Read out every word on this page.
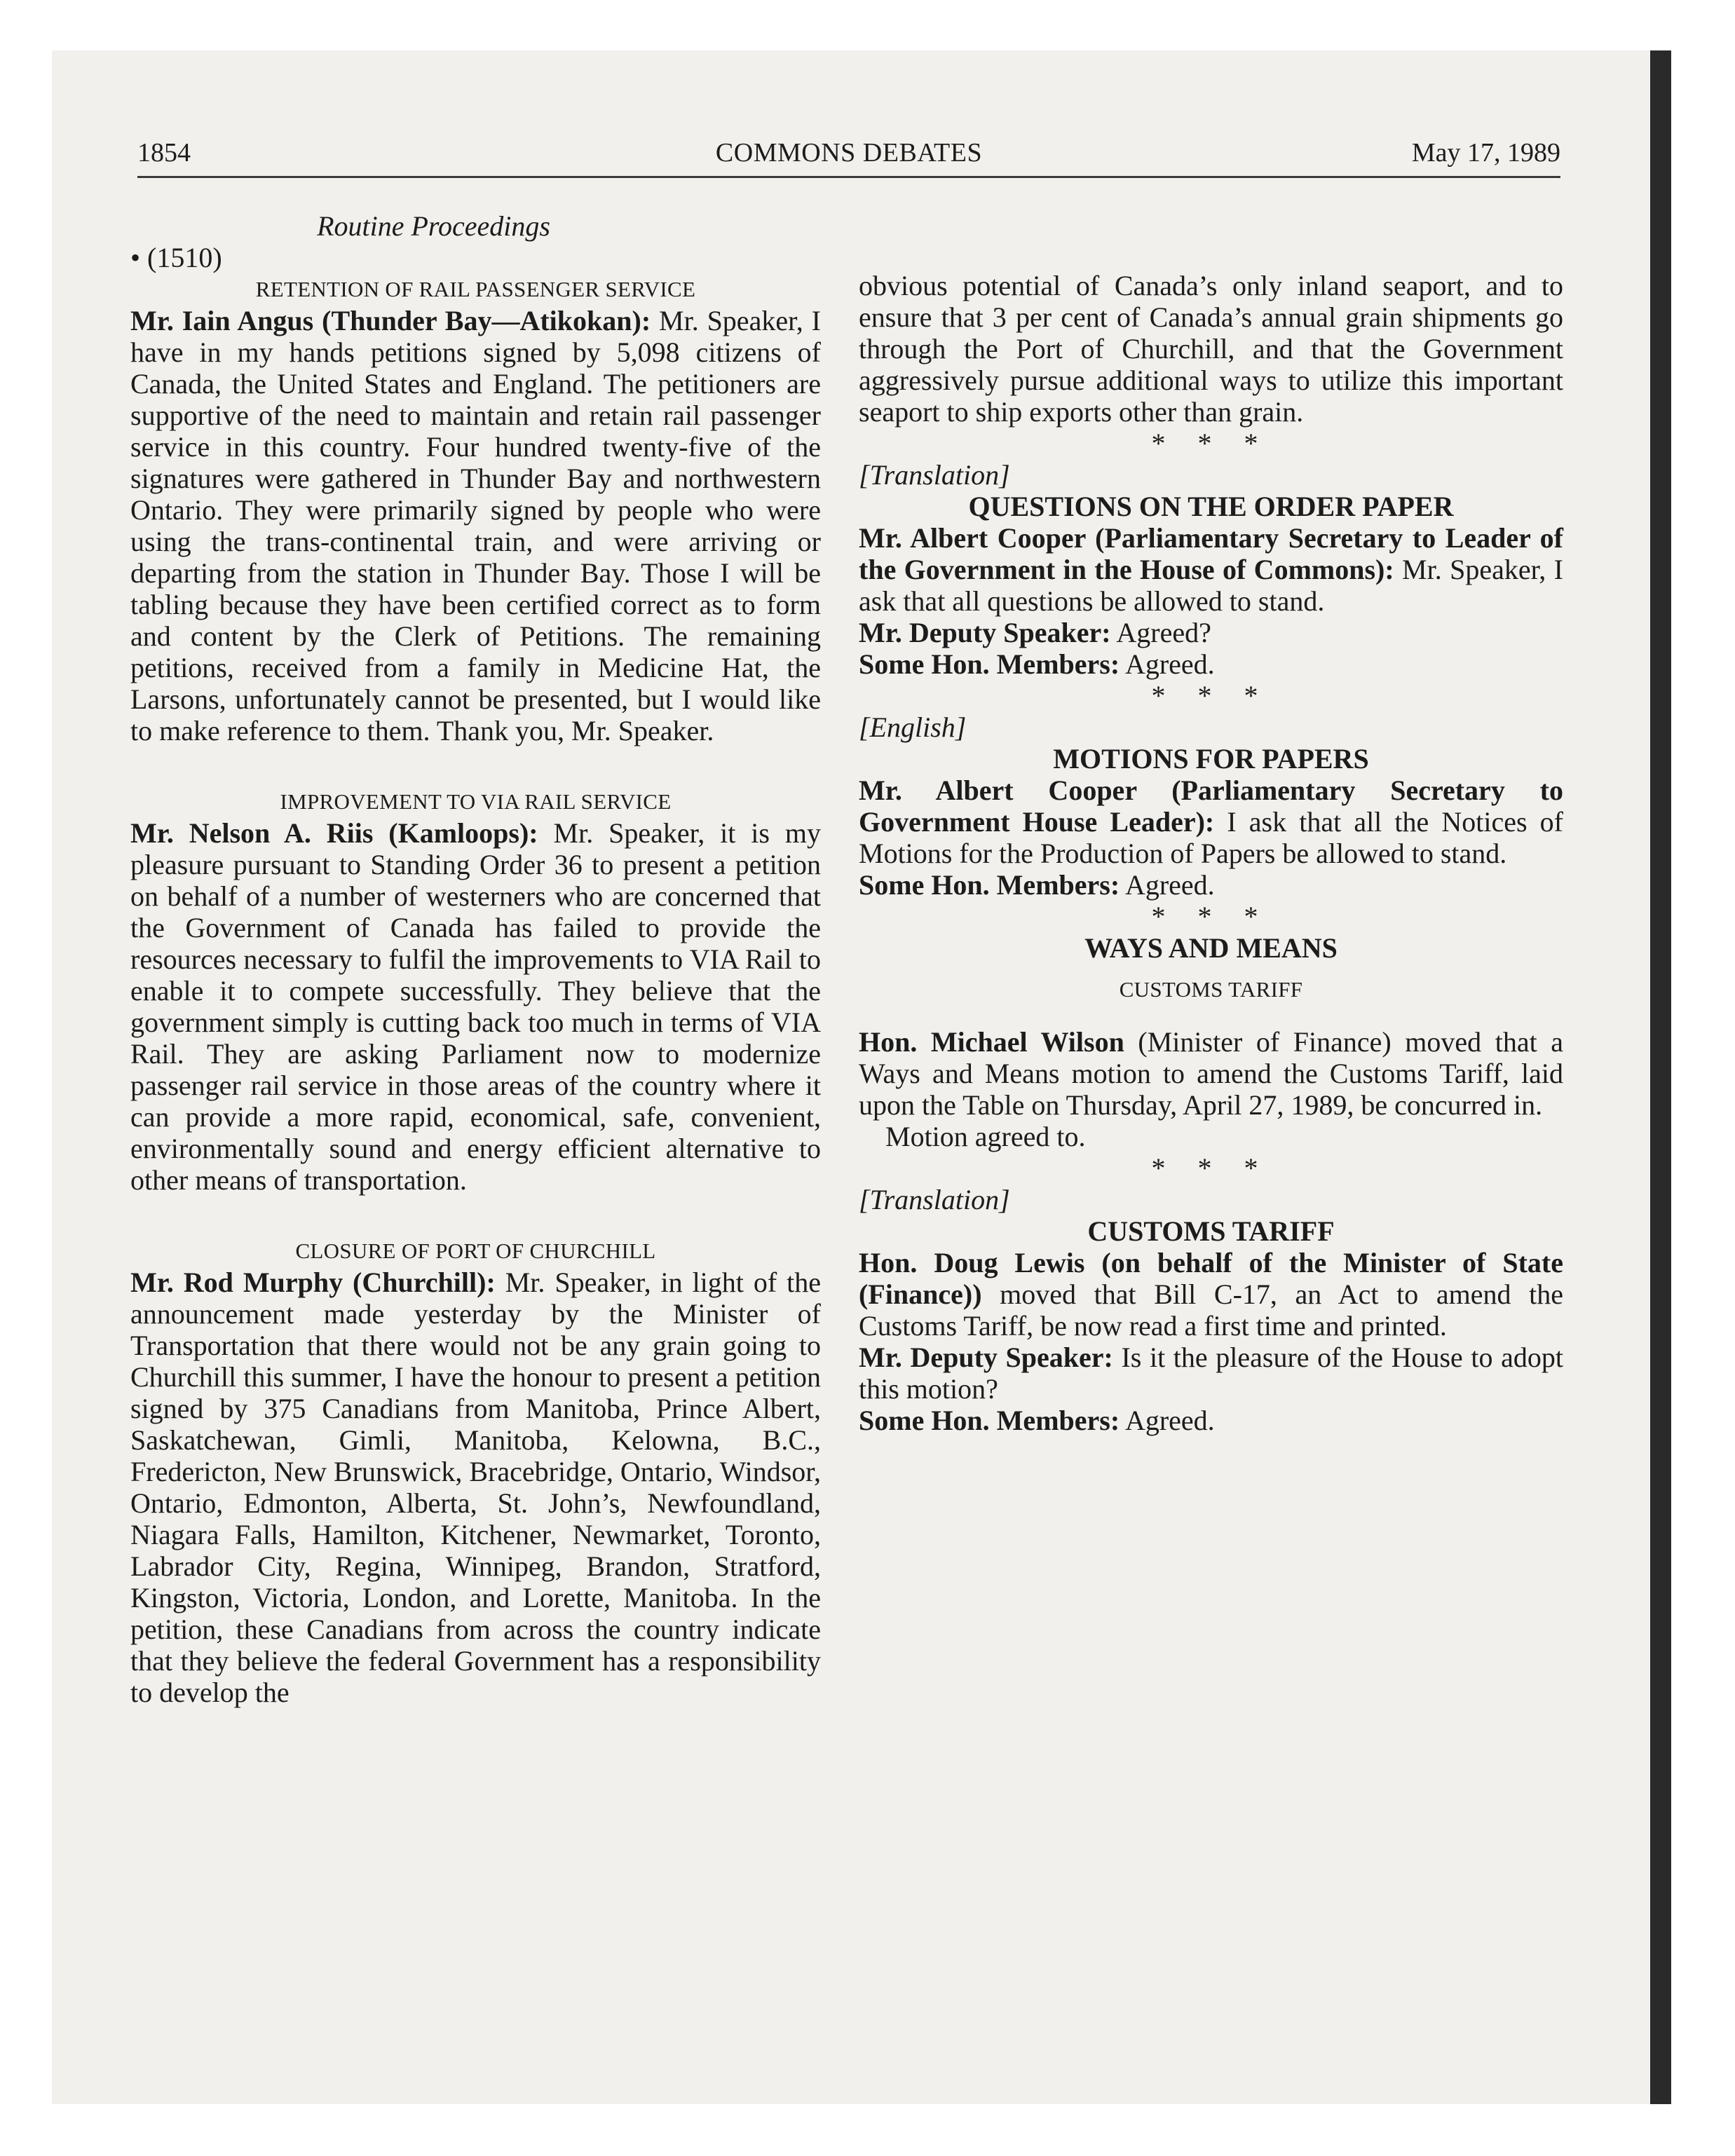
1854	COMMONS DEBATES	May 17, 1989

Routine Proceedings

• (1510)

RETENTION OF RAIL PASSENGER SERVICE

Mr. Iain Angus (Thunder Bay—Atikokan): Mr. Speaker, I have in my hands petitions signed by 5,098 citizens of Canada, the United States and England. The petitioners are supportive of the need to maintain and retain rail passenger service in this country. Four hundred twenty-five of the signatures were gathered in Thunder Bay and northwestern Ontario. They were primarily signed by people who were using the trans-continental train, and were arriving or departing from the station in Thunder Bay. Those I will be tabling because they have been certified correct as to form and content by the Clerk of Petitions. The remaining petitions, received from a family in Medicine Hat, the Larsons, unfortunately cannot be presented, but I would like to make reference to them. Thank you, Mr. Speaker.

IMPROVEMENT TO VIA RAIL SERVICE

Mr. Nelson A. Riis (Kamloops): Mr. Speaker, it is my pleasure pursuant to Standing Order 36 to present a petition on behalf of a number of westerners who are concerned that the Government of Canada has failed to provide the resources necessary to fulfil the improvements to VIA Rail to enable it to compete successfully. They believe that the government simply is cutting back too much in terms of VIA Rail. They are asking Parliament now to modernize passenger rail service in those areas of the country where it can provide a more rapid, economical, safe, convenient, environmentally sound and energy efficient alternative to other means of transportation.

CLOSURE OF PORT OF CHURCHILL

Mr. Rod Murphy (Churchill): Mr. Speaker, in light of the announcement made yesterday by the Minister of Transportation that there would not be any grain going to Churchill this summer, I have the honour to present a petition signed by 375 Canadians from Manitoba, Prince Albert, Saskatchewan, Gimli, Manitoba, Kelowna, B.C., Fredericton, New Brunswick, Bracebridge, Ontario, Windsor, Ontario, Edmonton, Alberta, St. John’s, Newfoundland, Niagara Falls, Hamilton, Kitchener, Newmarket, Toronto, Labrador City, Regina, Winnipeg, Brandon, Stratford, Kingston, Victoria, London, and Lorette, Manitoba. In the petition, these Canadians from across the country indicate that they believe the federal Government has a responsibility to develop the

obvious potential of Canada’s only inland seaport, and to ensure that 3 per cent of Canada’s annual grain shipments go through the Port of Churchill, and that the Government aggressively pursue additional ways to utilize this important seaport to ship exports other than grain.

* * *

[Translation]

QUESTIONS ON THE ORDER PAPER

Mr. Albert Cooper (Parliamentary Secretary to Leader of the Government in the House of Commons): Mr. Speaker, I ask that all questions be allowed to stand.

Mr. Deputy Speaker: Agreed?

Some Hon. Members: Agreed.

* * *

[English]

MOTIONS FOR PAPERS

Mr. Albert Cooper (Parliamentary Secretary to Government House Leader): I ask that all the Notices of Motions for the Production of Papers be allowed to stand.

Some Hon. Members: Agreed.

* * *

WAYS AND MEANS

CUSTOMS TARIFF

Hon. Michael Wilson (Minister of Finance) moved that a Ways and Means motion to amend the Customs Tariff, laid upon the Table on Thursday, April 27, 1989, be concurred in.

Motion agreed to.

* * *

[Translation]

CUSTOMS TARIFF

Hon. Doug Lewis (on behalf of the Minister of State (Finance)) moved that Bill C-17, an Act to amend the Customs Tariff, be now read a first time and printed.

Mr. Deputy Speaker: Is it the pleasure of the House to adopt this motion?

Some Hon. Members: Agreed.
